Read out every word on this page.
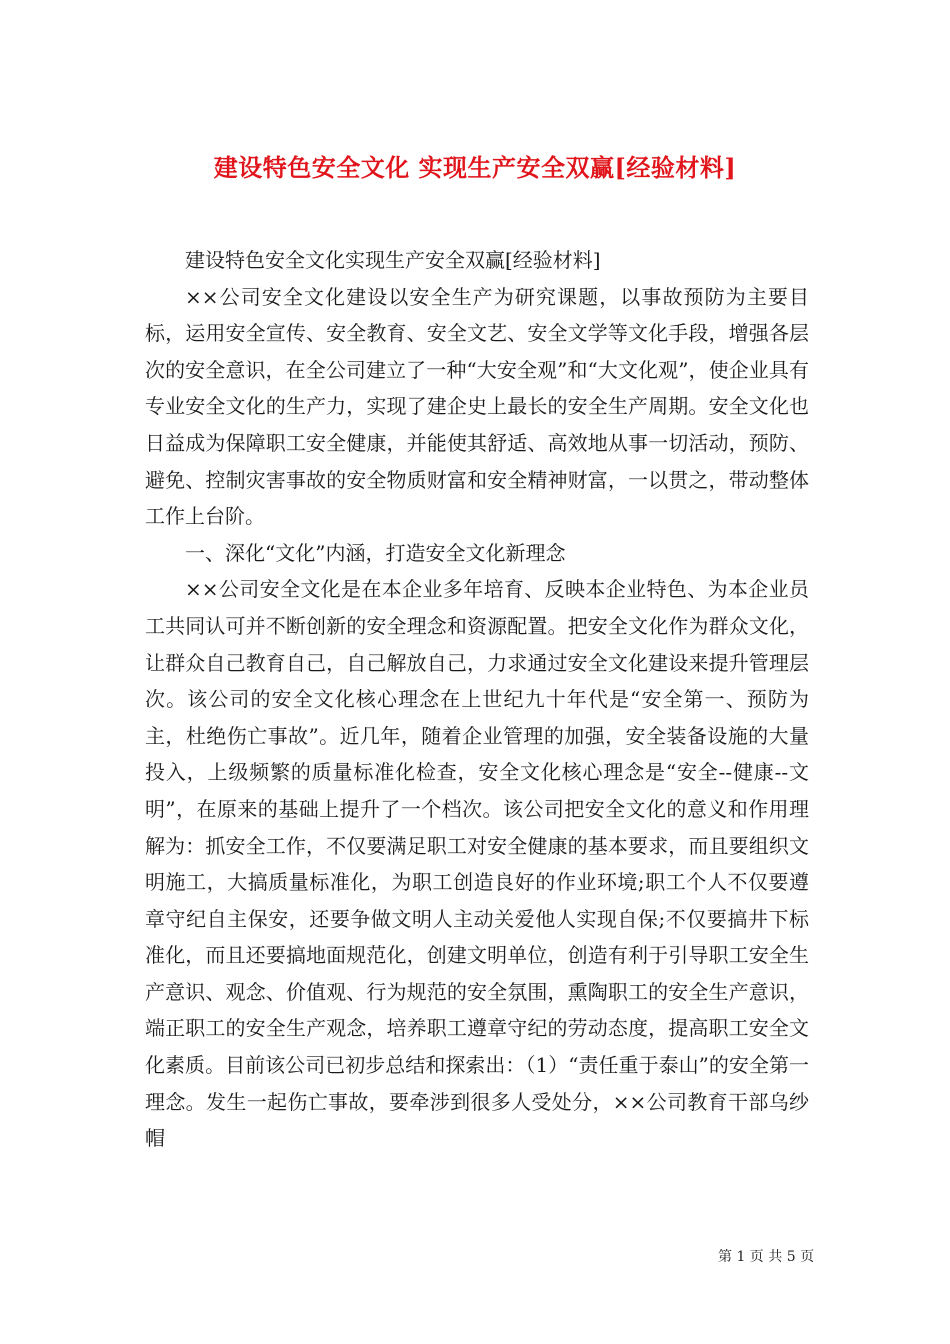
建设特色安全文化 实现生产安全双赢[经验材料]

建设特色安全文化实现生产安全双赢[经验材料]

××公司安全文化建设以安全生产为研究课题，以事故预防为主要目标，运用安全宣传、安全教育、安全文艺、安全文学等文化手段，增强各层次的安全意识，在全公司建立了一种“大安全观”和“大文化观”，使企业具有专业安全文化的生产力，实现了建企史上最长的安全生产周期。安全文化也日益成为保障职工安全健康，并能使其舒适、高效地从事一切活动，预防、避免、控制灾害事故的安全物质财富和安全精神财富，一以贯之，带动整体工作上台阶。

一、深化“文化”内涵，打造安全文化新理念

××公司安全文化是在本企业多年培育、反映本企业特色、为本企业员工共同认可并不断创新的安全理念和资源配置。把安全文化作为群众文化，让群众自己教育自己，自己解放自己，力求通过安全文化建设来提升管理层次。该公司的安全文化核心理念在上世纪九十年代是“安全第一、预防为主，杜绝伤亡事故”。近几年，随着企业管理的加强，安全装备设施的大量投入，上级频繁的质量标准化检查，安全文化核心理念是“安全--健康--文明”，在原来的基础上提升了一个档次。该公司把安全文化的意义和作用理解为：抓安全工作，不仅要满足职工对安全健康的基本要求，而且要组织文明施工，大搞质量标准化，为职工创造良好的作业环境;职工个人不仅要遵章守纪自主保安，还要争做文明人主动关爱他人实现自保;不仅要搞井下标准化，而且还要搞地面规范化，创建文明单位，创造有利于引导职工安全生产意识、观念、价值观、行为规范的安全氛围，熏陶职工的安全生产意识，端正职工的安全生产观念，培养职工遵章守纪的劳动态度，提高职工安全文化素质。目前该公司已初步总结和探索出：（1）“责任重于泰山”的安全第一理念。发生一起伤亡事故，要牵涉到很多人受处分，××公司教育干部乌纱帽

第 1 页 共 5 页
